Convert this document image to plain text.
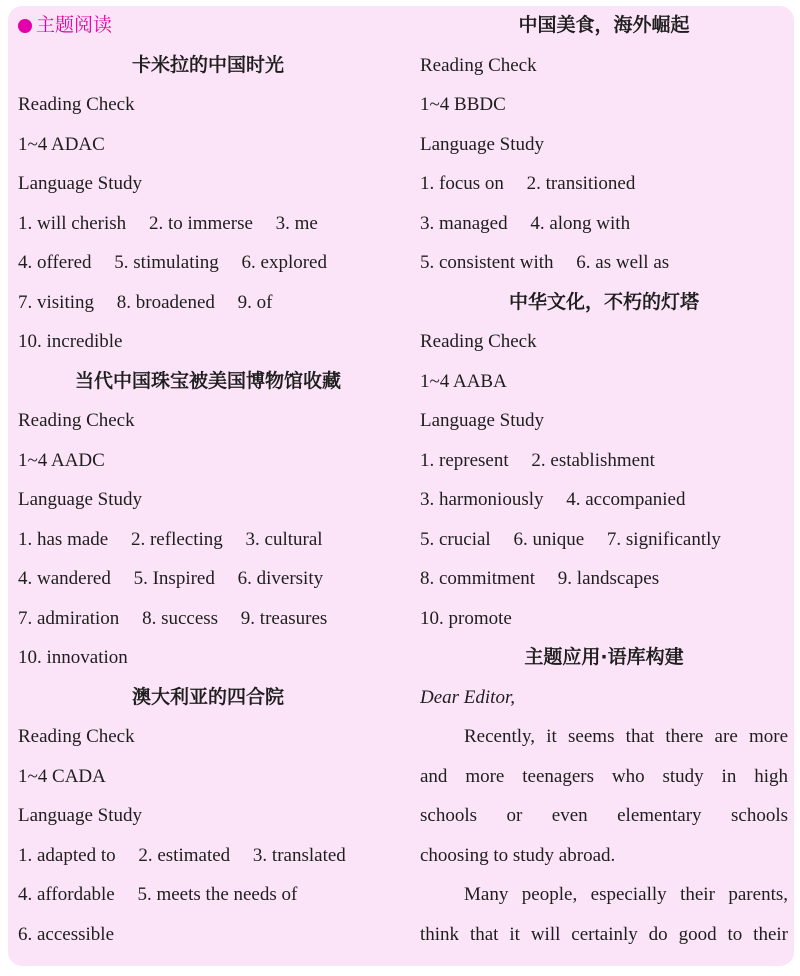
主题阅读
卡米拉的中国时光
Reading Check
1~4 ADAC
Language Study
1. will cherish 2. to immerse 3. me
4. offered 5. stimulating 6. explored
7. visiting 8. broadened 9. of
10. incredible
当代中国珠宝被美国博物馆收藏
Reading Check
1~4 AADC
Language Study
1. has made 2. reflecting 3. cultural
4. wandered 5. Inspired 6. diversity
7. admiration 8. success 9. treasures
10. innovation
澳大利亚的四合院
Reading Check
1~4 CADA
Language Study
1. adapted to 2. estimated 3. translated
4. affordable 5. meets the needs of
6. accessible
中国美食，海外崛起
Reading Check
1~4 BBDC
Language Study
1. focus on 2. transitioned
3. managed 4. along with
5. consistent with 6. as well as
中华文化，不朽的灯塔
Reading Check
1~4 AABA
Language Study
1. represent 2. establishment
3. harmoniously 4. accompanied
5. crucial 6. unique 7. significantly
8. commitment 9. landscapes
10. promote
主题应用·语库构建
Dear Editor,
Recently, it seems that there are more
and more teenagers who study in high
schools or even elementary schools
choosing to study abroad.
Many people, especially their parents,
think that it will certainly do good to their
